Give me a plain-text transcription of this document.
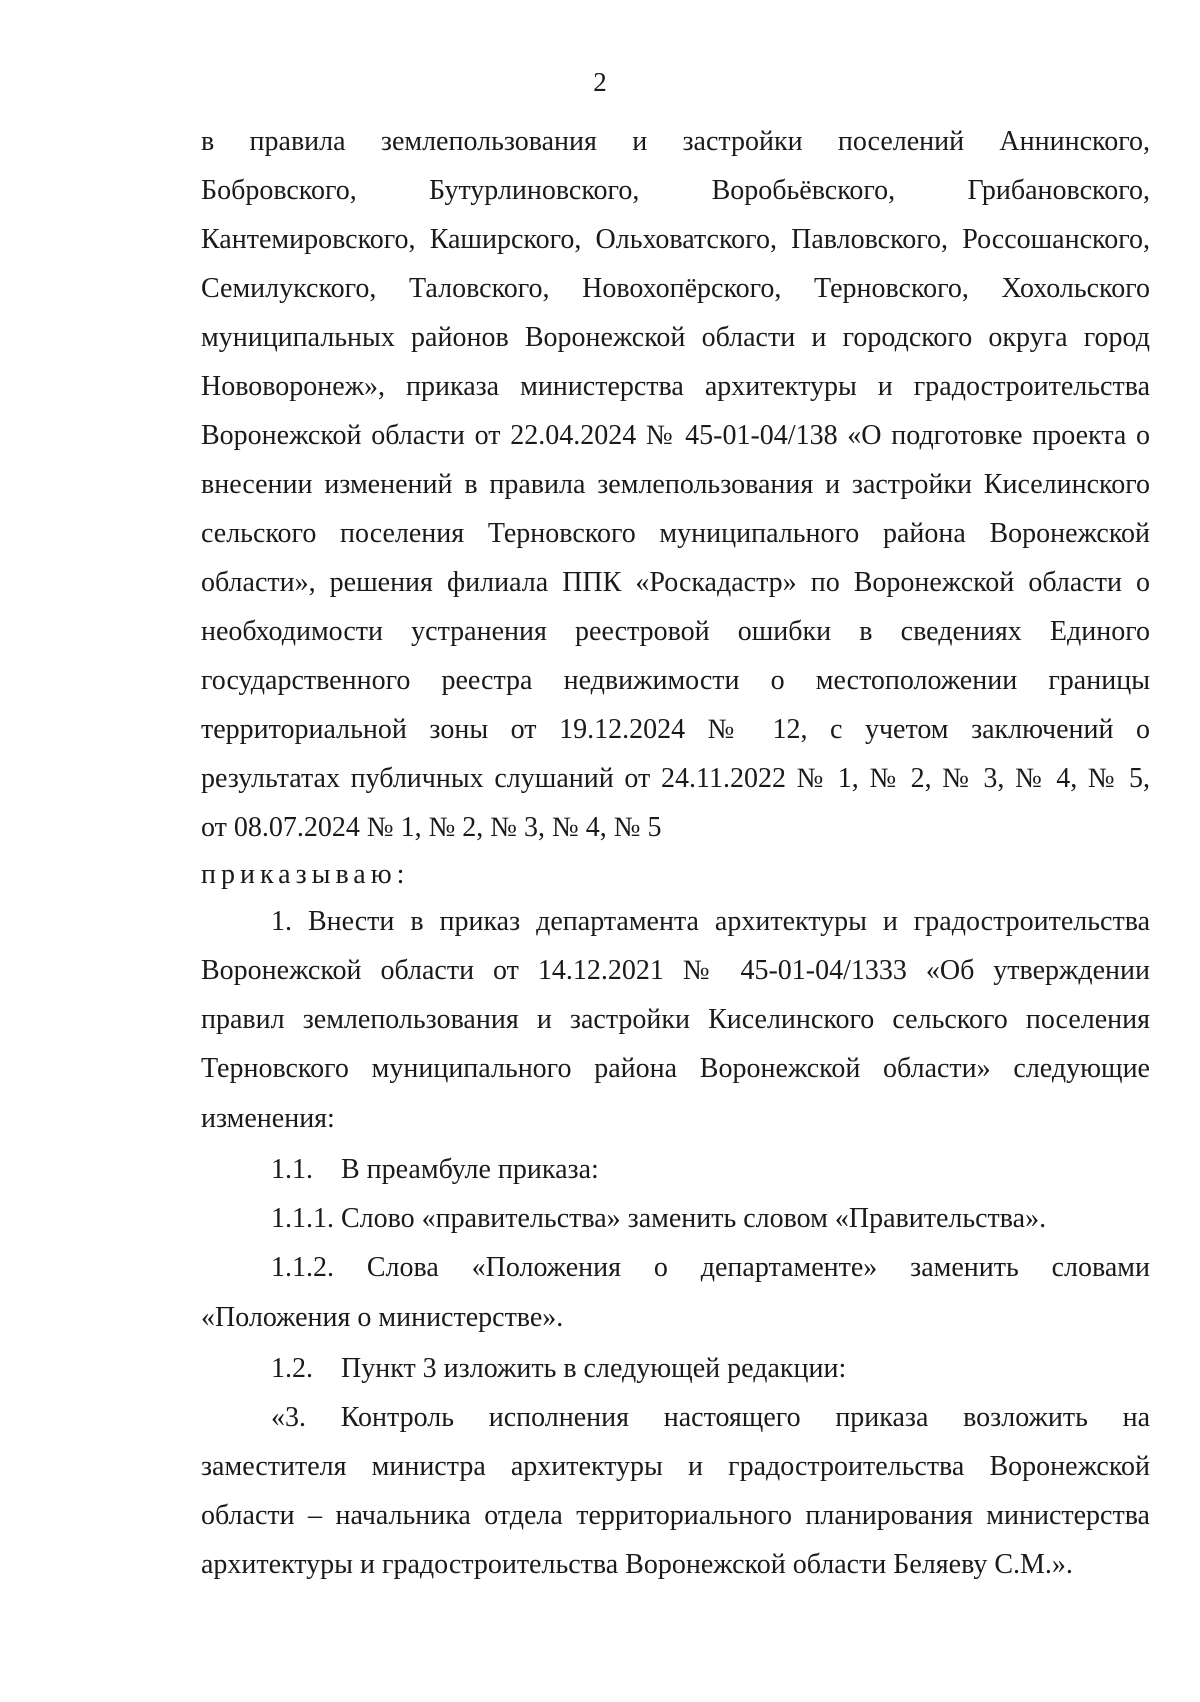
2
в правила землепользования и застройки поселений Аннинского,
Бобровского, Бутурлиновского, Воробьёвского, Грибановского,
Кантемировского, Каширского, Ольховатского, Павловского, Россошанского,
Семилукского, Таловского, Новохопёрского, Терновского, Хохольского
муниципальных районов Воронежской области и городского округа город
Нововоронеж», приказа министерства архитектуры и градостроительства
Воронежской области от 22.04.2024 № 45-01-04/138 «О подготовке проекта о
внесении изменений в правила землепользования и застройки Киселинского
сельского поселения Терновского муниципального района Воронежской
области», решения филиала ППК «Роскадастр» по Воронежской области о
необходимости устранения реестровой ошибки в сведениях Единого
государственного реестра недвижимости о местоположении границы
территориальной зоны от 19.12.2024 № 12, с учетом заключений о
результатах публичных слушаний от 24.11.2022 № 1, № 2, № 3, № 4, № 5,
от 08.07.2024 № 1, № 2, № 3, № 4, № 5
приказываю:
1. Внести в приказ департамента архитектуры и градостроительства
Воронежской области от 14.12.2021 № 45-01-04/1333 «Об утверждении
правил землепользования и застройки Киселинского сельского поселения
Терновского муниципального района Воронежской области» следующие
изменения:
1.1.    В преамбуле приказа:
1.1.1. Слово «правительства» заменить словом «Правительства».
1.1.2. Слова «Положения о департаменте» заменить словами
«Положения о министерстве».
1.2.    Пункт 3 изложить в следующей редакции:
«3. Контроль исполнения настоящего приказа возложить на
заместителя министра архитектуры и градостроительства Воронежской
области – начальника отдела территориального планирования министерства
архитектуры и градостроительства Воронежской области Беляеву С.М.».
